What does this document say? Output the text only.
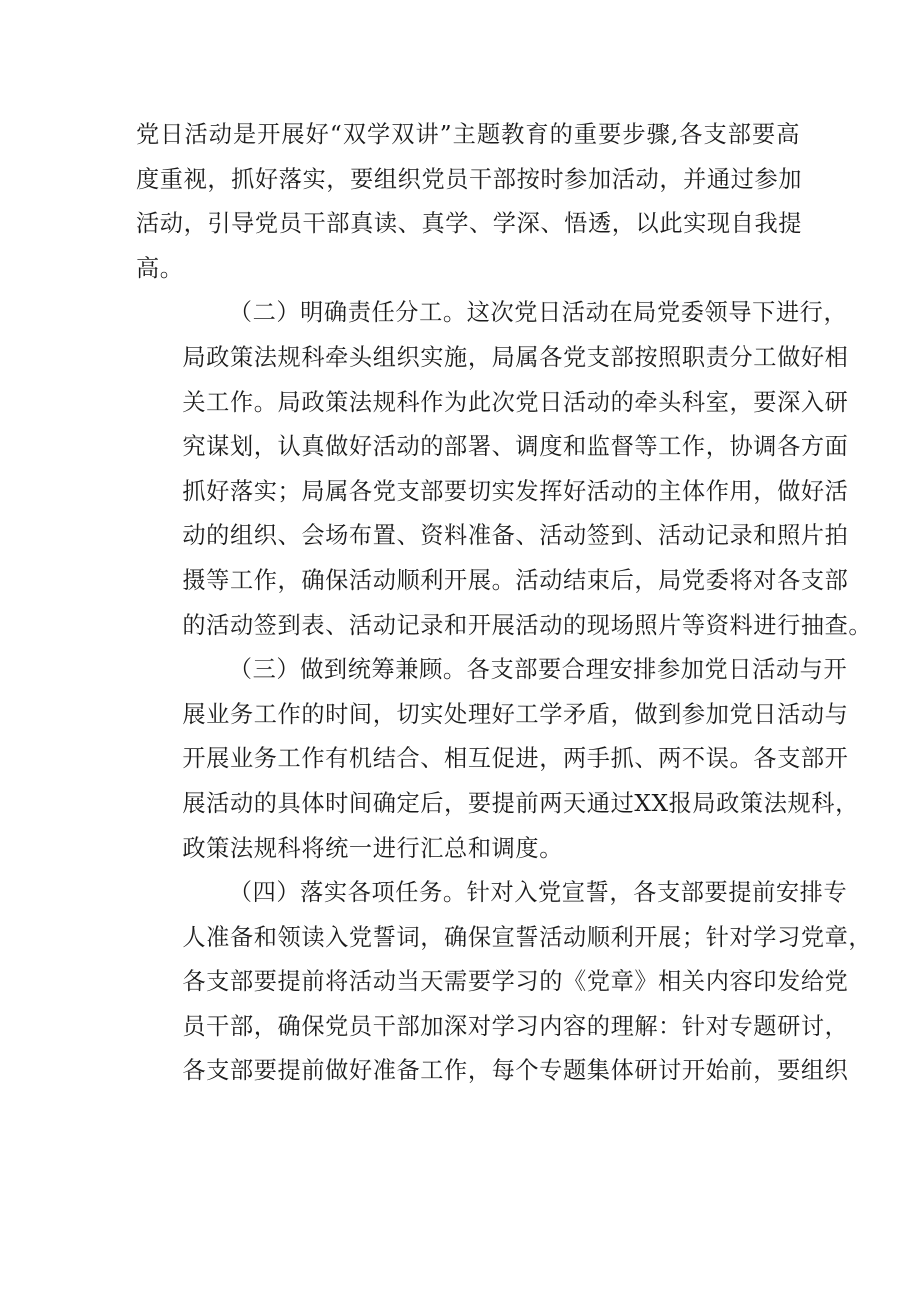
党日活动是开展好“双学双讲”主题教育的重要步骤,各支部要高
度重视，抓好落实，要组织党员干部按时参加活动，并通过参加
活动，引导党员干部真读、真学、学深、悟透，以此实现自我提
高。
（二）明确责任分工。这次党日活动在局党委领导下进行，
局政策法规科牵头组织实施，局属各党支部按照职责分工做好相
关工作。局政策法规科作为此次党日活动的牵头科室，要深入研
究谋划，认真做好活动的部署、调度和监督等工作，协调各方面
抓好落实；局属各党支部要切实发挥好活动的主体作用，做好活
动的组织、会场布置、资料准备、活动签到、活动记录和照片拍
摄等工作，确保活动顺利开展。活动结束后，局党委将对各支部
的活动签到表、活动记录和开展活动的现场照片等资料进行抽查。
（三）做到统筹兼顾。各支部要合理安排参加党日活动与开
展业务工作的时间，切实处理好工学矛盾，做到参加党日活动与
开展业务工作有机结合、相互促进，两手抓、两不误。各支部开
展活动的具体时间确定后，要提前两天通过XX报局政策法规科，
政策法规科将统一进行汇总和调度。
（四）落实各项任务。针对入党宣誓，各支部要提前安排专
人准备和领读入党誓词，确保宣誓活动顺利开展；针对学习党章，
各支部要提前将活动当天需要学习的《党章》相关内容印发给党
员干部，确保党员干部加深对学习内容的理解：针对专题研讨，
各支部要提前做好准备工作，每个专题集体研讨开始前，要组织
